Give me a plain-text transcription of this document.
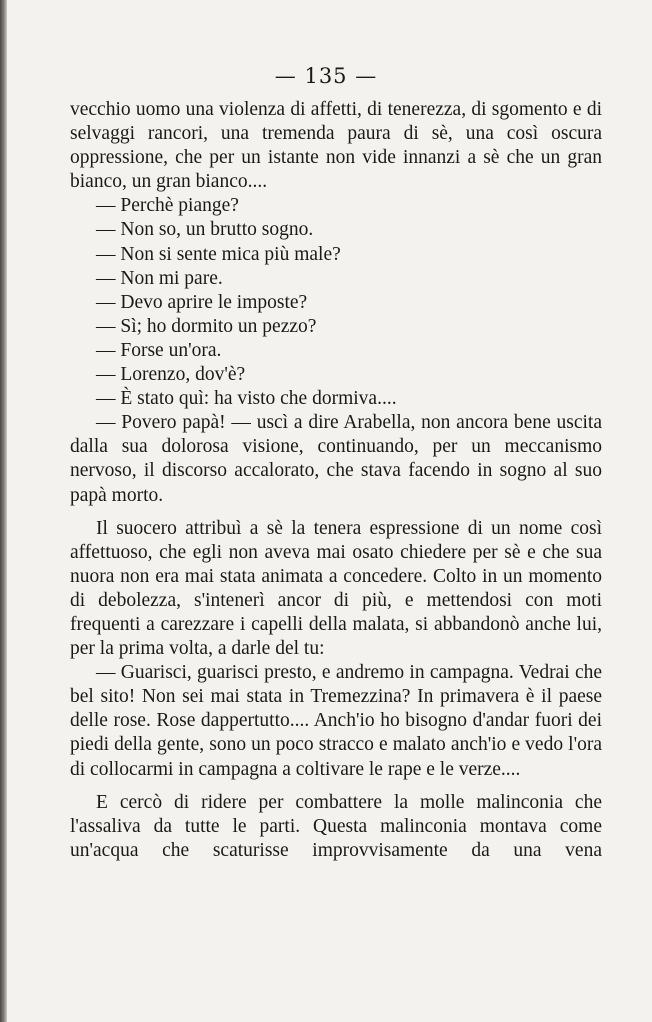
— 135 —

vecchio uomo una violenza di affetti, di tenerezza, di sgomento e di selvaggi rancori, una tremenda paura di sè, una così oscura oppressione, che per un istante non vide innanzi a sè che un gran bianco, un gran bianco....

— Perchè piange?

— Non so, un brutto sogno.

— Non si sente mica più male?

— Non mi pare.

— Devo aprire le imposte?

— Sì; ho dormito un pezzo?

— Forse un'ora.

— Lorenzo, dov'è?

— È stato quì: ha visto che dormiva....

— Povero papà! — uscì a dire Arabella, non ancora bene uscita dalla sua dolorosa visione, continuando, per un meccanismo nervoso, il discorso accalorato, che stava facendo in sogno al suo papà morto.

Il suocero attribuì a sè la tenera espressione di un nome così affettuoso, che egli non aveva mai osato chiedere per sè e che sua nuora non era mai stata animata a concedere. Colto in un momento di debolezza, s'intenerì ancor di più, e mettendosi con moti frequenti a carezzare i capelli della malata, si abbandonò anche lui, per la prima volta, a darle del tu:

— Guarisci, guarisci presto, e andremo in campagna. Vedrai che bel sito! Non sei mai stata in Tremezzina? In primavera è il paese delle rose. Rose dappertutto.... Anch'io ho bisogno d'andar fuori dei piedi della gente, sono un poco stracco e malato anch'io e vedo l'ora di collocarmi in campagna a coltivare le rape e le verze....

E cercò di ridere per combattere la molle malinconia che l'assaliva da tutte le parti. Questa malinconia montava come un'acqua che scaturisse improvvisamente da una vena
